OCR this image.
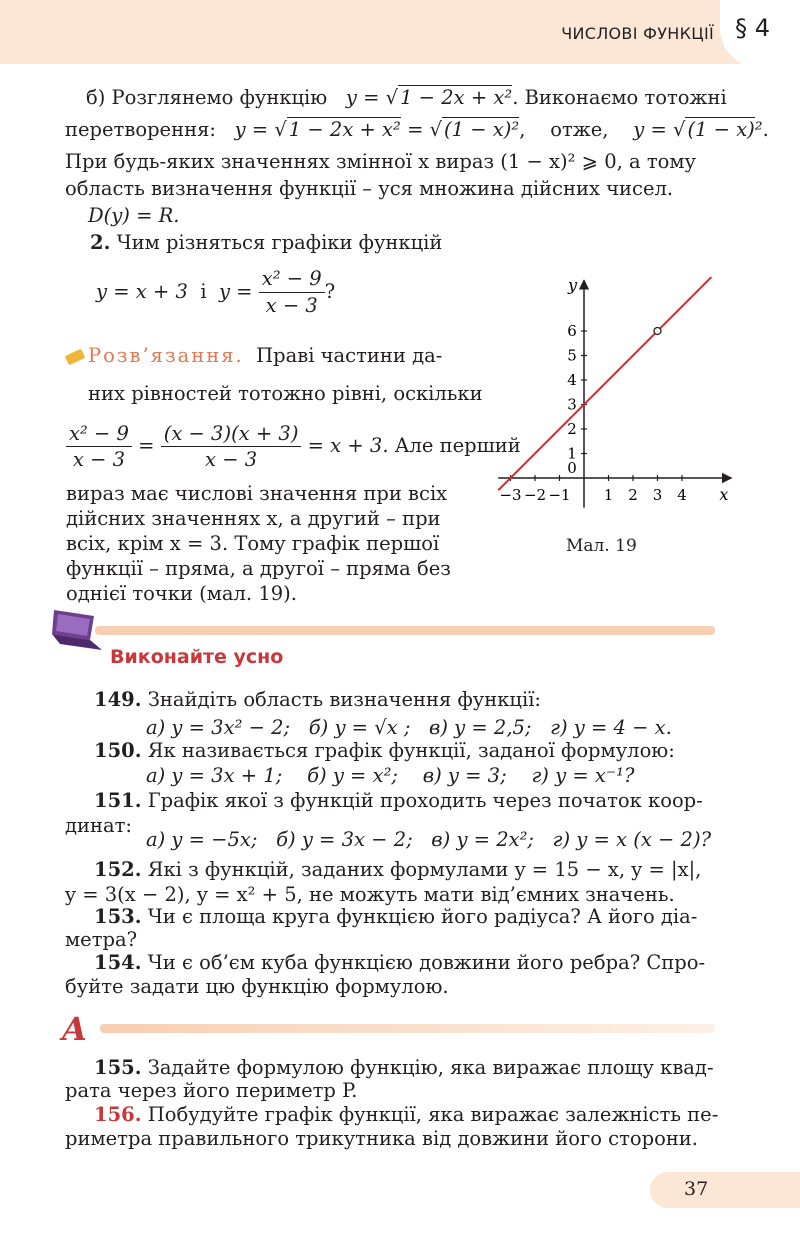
ЧИСЛОВІ ФУНКЦІЇ § 4
б) Розглянемо функцію y = √ 1 − 2x + x². Виконаємо тотожні
перетворення: y = √ 1 − 2x + x² = √ (1 − x)²,    отже, y = √ (1 − x)².
При будь-яких значеннях змінної x вираз (1 − x)² ⩾ 0, а тому
область визначення функції – уся множина дійсних чисел.
D(y) = R.
2. Чим різняться графіки функцій
y = x + 3 і $y = \frac{\text{x² − 9}}{x - 3}$ ?
Розв’язання. Праві частини да-
них рівностей тотожно рівні, оскільки
$\frac{\text{x² − 9}}{x - 3} = \frac{(x - 3)(x + 3)}{x - 3} = x + 3$. Але перший
вираз має числові значення при всіх
дійсних значеннях x, а другий – при
всіх, крім x = 3. Тому графік першої
функції – пряма, а другої – пряма без
однієї точки (мал. 19).
−3 −2 −1
0
1 2 3 4
1
2
3
4
5
6
x
y
Мал. 19
Виконайте усно
149. Знайдіть область визначення функції:
а) y = 3x² − 2; б) y = √x ; в) y = 2,5; г) y = 4 − x.
150. Як називається графік функції, заданої формулою:
а) y = 3x + 1; б) y = x²; в) y = 3; г) y = x⁻¹?
151. Графік якої з функцій проходить через початок коор-
динат:
а) y = −5x; б) y = 3x − 2; в) y = 2x²; г) y = x (x − 2)?
152. Які з функцій, заданих формулами y = 15 − x, y = |x|,
y = 3(x − 2), y = x² + 5, не можуть мати від’ємних значень.
153. Чи є площа круга функцією його радіуса? А його діа-
метра?
154. Чи є об’єм куба функцією довжини його ребра? Спро-
буйте задати цю функцію формулою.
A
155. Задайте формулою функцію, яка виражає площу квад-
рата через його периметр P.
156. Побудуйте графік функції, яка виражає залежність пе-
риметра правильного трикутника від довжини його сторони.
37
